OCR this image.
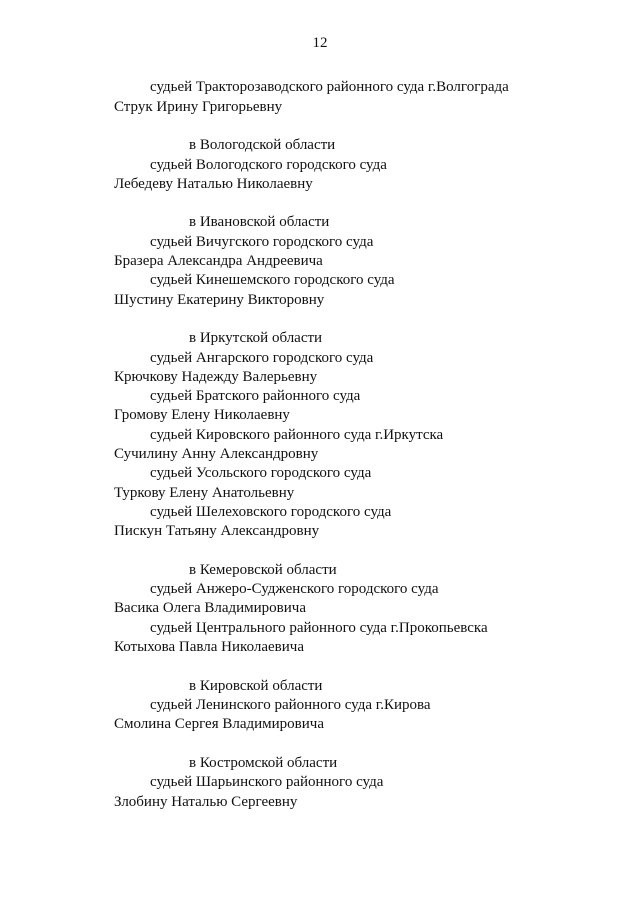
12
судьей Тракторозаводского районного суда г.Волгограда
Струк Ирину Григорьевну
в Вологодской области
судьей Вологодского городского суда
Лебедеву Наталью Николаевну
в Ивановской области
судьей Вичугского городского суда
Бразера Александра Андреевича
судьей Кинешемского городского суда
Шустину Екатерину Викторовну
в Иркутской области
судьей Ангарского городского суда
Крючкову Надежду Валерьевну
судьей Братского районного суда
Громову Елену Николаевну
судьей Кировского районного суда г.Иркутска
Сучилину Анну Александровну
судьей Усольского городского суда
Туркову Елену Анатольевну
судьей Шелеховского городского суда
Пискун Татьяну Александровну
в Кемеровской области
судьей Анжеро-Судженского городского суда
Васика Олега Владимировича
судьей Центрального районного суда г.Прокопьевска
Котыхова Павла Николаевича
в Кировской области
судьей Ленинского районного суда г.Кирова
Смолина Сергея Владимировича
в Костромской области
судьей Шарьинского районного суда
Злобину Наталью Сергеевну
